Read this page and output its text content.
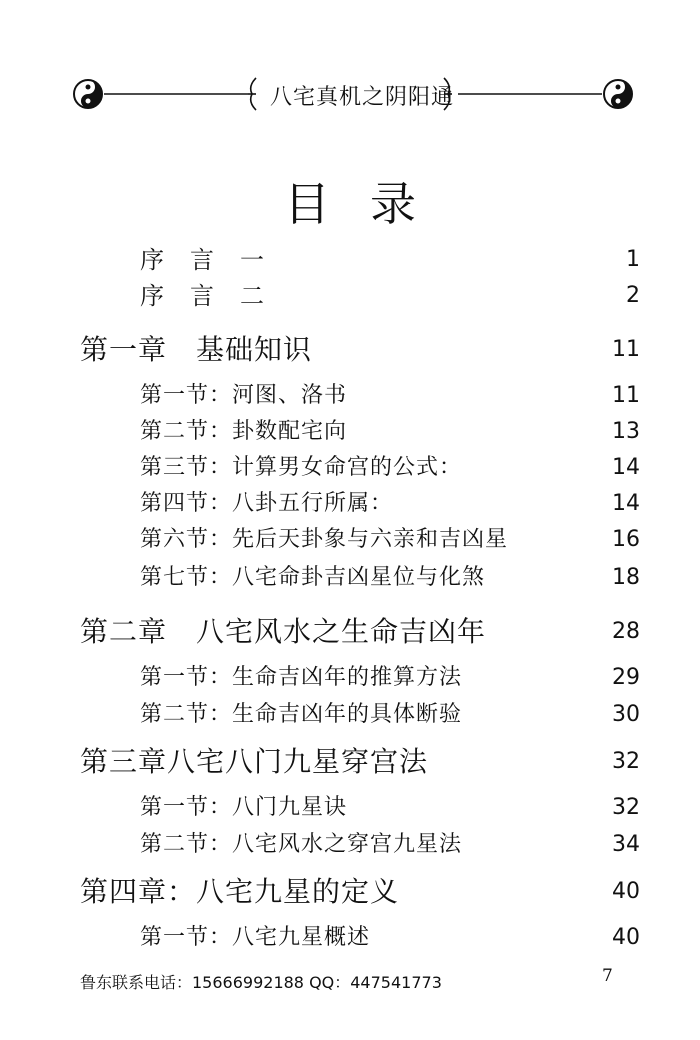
八宅真机之阴阳通
目录
序言一	1
序言二	2
第一章　基础知识	11
第一节：河图、洛书	11
第二节：卦数配宅向	13
第三节：计算男女命宫的公式：	14
第四节：八卦五行所属：	14
第六节：先后天卦象与六亲和吉凶星	16
第七节：八宅命卦吉凶星位与化煞	18
第二章　八宅风水之生命吉凶年	28
第一节：生命吉凶年的推算方法	29
第二节：生命吉凶年的具体断验	30
第三章八宅八门九星穿宫法	32
第一节：八门九星诀	32
第二节：八宅风水之穿宫九星法	34
第四章：八宅九星的定义	40
第一节：八宅九星概述	40
鲁东联系电话：15666992188 QQ：447541773	7
